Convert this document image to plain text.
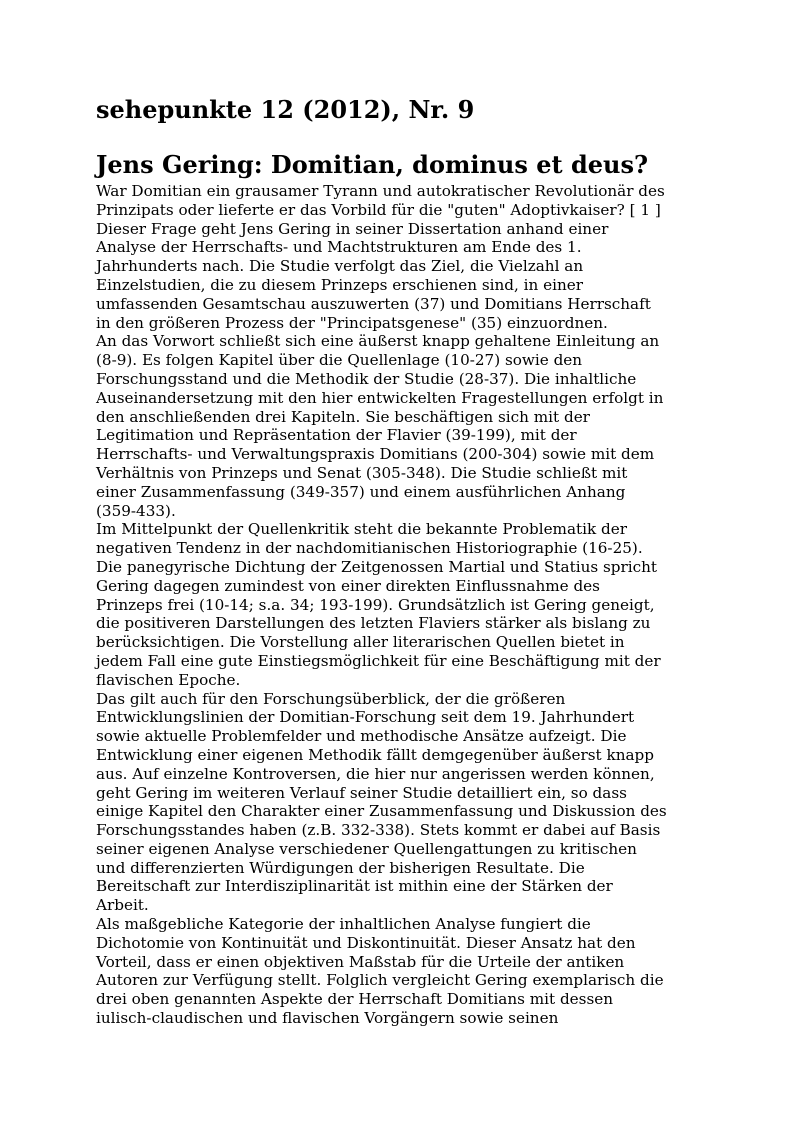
sehepunkte 12 (2012), Nr. 9
Jens Gering: Domitian, dominus et deus?
War Domitian ein grausamer Tyrann und autokratischer Revolutionär des
Prinzipats oder lieferte er das Vorbild für die "guten" Adoptivkaiser? [ 1 ]
Dieser Frage geht Jens Gering in seiner Dissertation anhand einer
Analyse der Herrschafts- und Machtstrukturen am Ende des 1.
Jahrhunderts nach. Die Studie verfolgt das Ziel, die Vielzahl an
Einzelstudien, die zu diesem Prinzeps erschienen sind, in einer
umfassenden Gesamtschau auszuwerten (37) und Domitians Herrschaft
in den größeren Prozess der "Principatsgenese" (35) einzuordnen.
An das Vorwort schließt sich eine äußerst knapp gehaltene Einleitung an
(8-9). Es folgen Kapitel über die Quellenlage (10-27) sowie den
Forschungsstand und die Methodik der Studie (28-37). Die inhaltliche
Auseinandersetzung mit den hier entwickelten Fragestellungen erfolgt in
den anschließenden drei Kapiteln. Sie beschäftigen sich mit der
Legitimation und Repräsentation der Flavier (39-199), mit der
Herrschafts- und Verwaltungspraxis Domitians (200-304) sowie mit dem
Verhältnis von Prinzeps und Senat (305-348). Die Studie schließt mit
einer Zusammenfassung (349-357) und einem ausführlichen Anhang
(359-433).
Im Mittelpunkt der Quellenkritik steht die bekannte Problematik der
negativen Tendenz in der nachdomitianischen Historiographie (16-25).
Die panegyrische Dichtung der Zeitgenossen Martial und Statius spricht
Gering dagegen zumindest von einer direkten Einflussnahme des
Prinzeps frei (10-14; s.a. 34; 193-199). Grundsätzlich ist Gering geneigt,
die positiveren Darstellungen des letzten Flaviers stärker als bislang zu
berücksichtigen. Die Vorstellung aller literarischen Quellen bietet in
jedem Fall eine gute Einstiegsmöglichkeit für eine Beschäftigung mit der
flavischen Epoche.
Das gilt auch für den Forschungsüberblick, der die größeren
Entwicklungslinien der Domitian-Forschung seit dem 19. Jahrhundert
sowie aktuelle Problemfelder und methodische Ansätze aufzeigt. Die
Entwicklung einer eigenen Methodik fällt demgegenüber äußerst knapp
aus. Auf einzelne Kontroversen, die hier nur angerissen werden können,
geht Gering im weiteren Verlauf seiner Studie detailliert ein, so dass
einige Kapitel den Charakter einer Zusammenfassung und Diskussion des
Forschungsstandes haben (z.B. 332-338). Stets kommt er dabei auf Basis
seiner eigenen Analyse verschiedener Quellengattungen zu kritischen
und differenzierten Würdigungen der bisherigen Resultate. Die
Bereitschaft zur Interdisziplinarität ist mithin eine der Stärken der
Arbeit.
Als maßgebliche Kategorie der inhaltlichen Analyse fungiert die
Dichotomie von Kontinuität und Diskontinuität. Dieser Ansatz hat den
Vorteil, dass er einen objektiven Maßstab für die Urteile der antiken
Autoren zur Verfügung stellt. Folglich vergleicht Gering exemplarisch die
drei oben genannten Aspekte der Herrschaft Domitians mit dessen
iulisch-claudischen und flavischen Vorgängern sowie seinen
